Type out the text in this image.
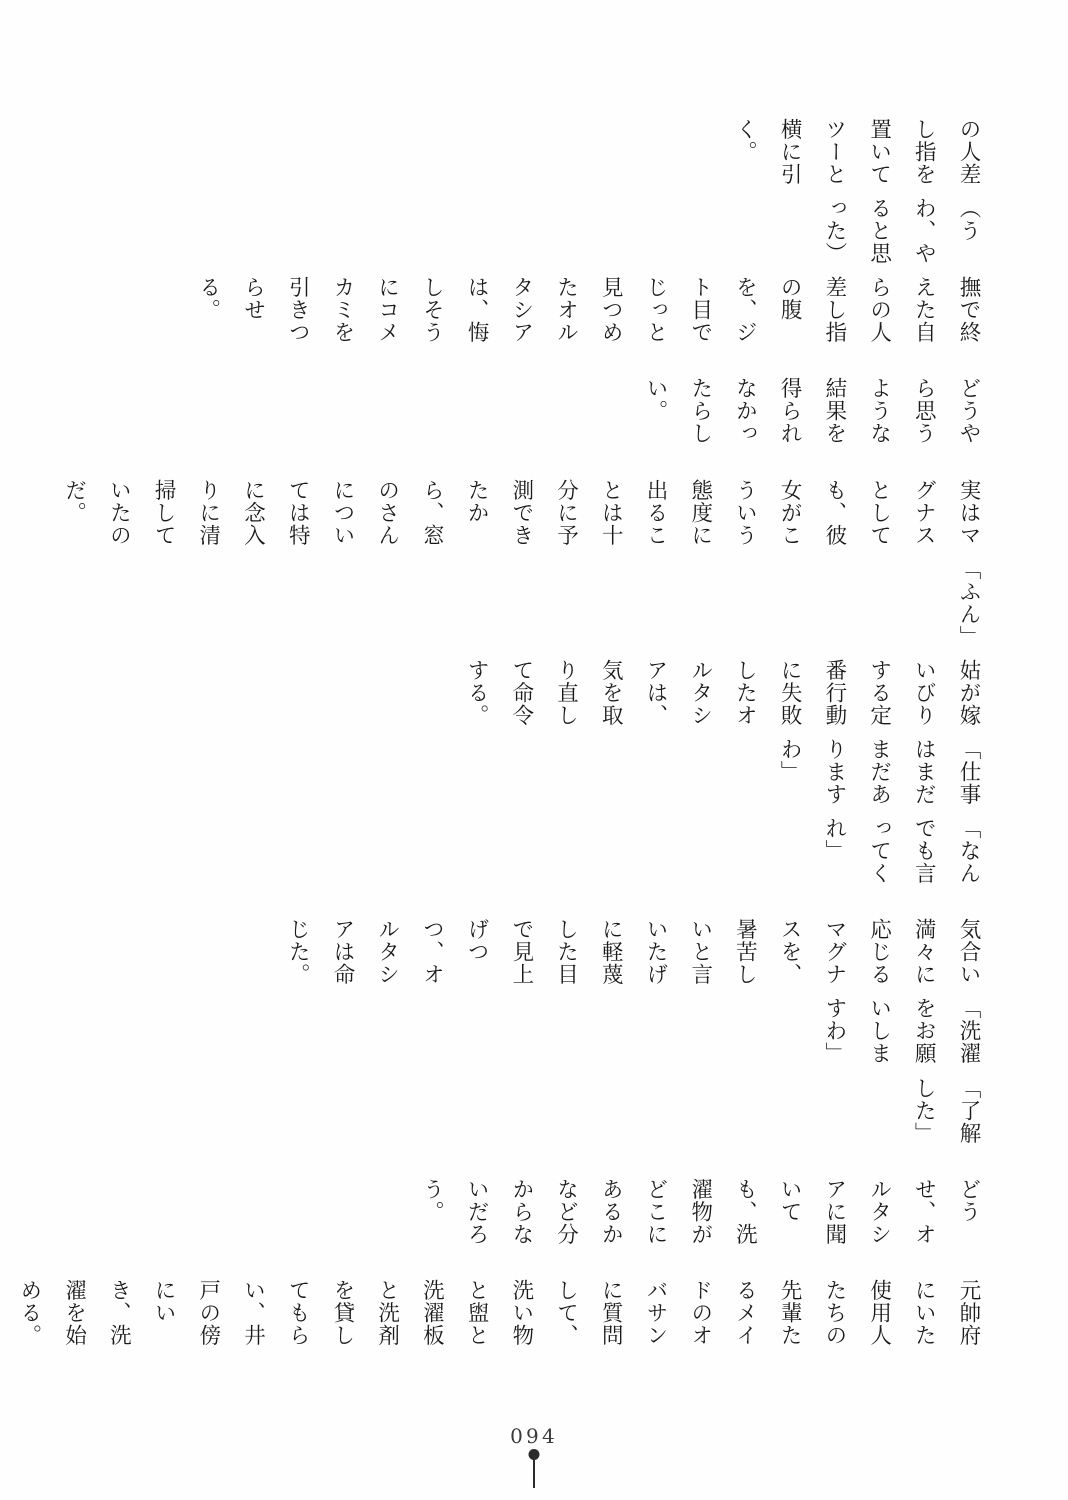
の人差し指を置いてツーと横に引く。

（うわ、やると思った）

撫で終えた自らの人差し指の腹を、ジト目でじっと見つめたオルタシアは、悔しそうにコメカミを引きつらせる。

どうやら思うような結果を得られなかったらしい。

実はマグナスとしても、彼女がこういう態度に出ることは十分に予測できたから、窓のさんについては特に念入りに清掃していたのだ。

「ふん」

姑が嫁いびりする定番行動に失敗したオルタシアは、気を取り直して命令する。

「仕事はまだまだありますわ」

「なんでも言ってくれ」

気合い満々に応じるマグナスを、暑苦しいと言いたげに軽蔑した目で見上げつつ、オルタシアは命じた。

「洗濯をお願いしますわ」

「了解した」

どうせ、オルタシアに聞いても、洗濯物がどこにあるかなど分からないだろう。

元帥府にいた使用人たちの先輩たるメイドのオバサンに質問して、洗い物と盥と洗濯板と洗剤を貸してもらい、井戸の傍にいき、洗濯を始める。

094
